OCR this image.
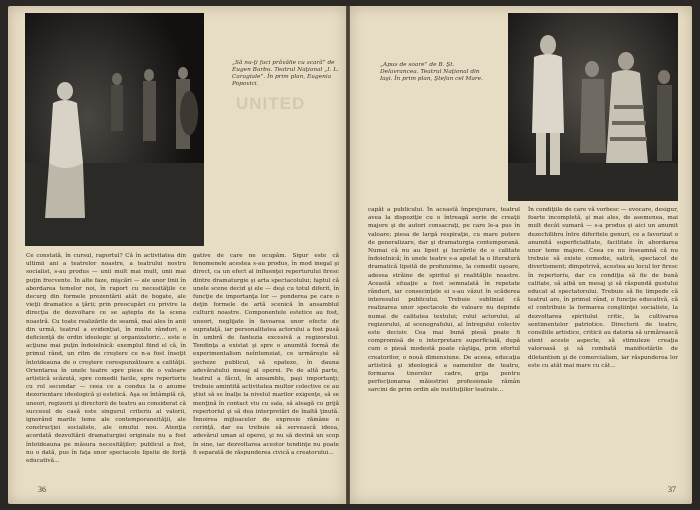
UNITED
„Să nu-ţi faci prăvălie cu scară” de Eugen Barbu. Teatrul Naţional „I. L. Caragiale”. În prim plan, Eugenia Popovici.
Ce constată, în cursul, raportul? Că în activitatea din ultimii ani a teatrelor noastre, a teatrului nostru socialist, s-au produs — unii mult mai mult, unii mai puţin frecvente. În alte faze, mişcări — ale unor linii în abordarea temelor noi, în raport cu necesităţile ce decurg din formele prezentării atât de bogate, ale vieţii dramatice a ţării; prin preocupări cu privire la direcţia de dezvoltare ce se aştepta de la scena noastră. Cu toate realizările de seamă, mai ales în anii din urmă, teatrul a evidenţiat, în multe rânduri, o deficienţă de ordin ideologic şi organizatoric... este o acţiune mai puţin îndoielnică: exemplul fiind el că, în primul rând, un ritm de creştere ce n-a fost însoţit întotdeauna de o creştere corespunzătoare a calităţii. Orientarea în unele teatre spre piese de o valoare artistică scăzută, spre comedii facile, spre repertoriu cu rol secundar — ceea ce a condus la o anume dezorientare ideologică şi estetică. Aşa se întâmplă că, uneori, regizorii şi directorii de teatru au considerat că succesul de casă este singurul criteriu al valorii, ignorând marile teme ale contemporaneităţii, ale construcţiei socialiste, ale omului nou. Atenţia acordată dezvoltării dramaturgiei originale nu a fost întotdeauna pe măsura necesităţilor; publicul a fost, nu o dată, pus în faţa unor spectacole lipsite de forţă educativă...
gative de care ne ocupăm. Sigur este că fenomenele acestea s-au produs, în mod inegal şi direct, ca un efect al influenţei reperturului firesc dintre dramaturgie şi arta spectacolului; faptul că unele scene decid şi ele — deşi cu totul diferit, în funcţie de importanţa lor — ponderea pe care o deţin formele de artă scenică în ansamblul culturii noastre. Componentele estetice au fost, uneori, neglijate în favoarea unor efecte de suprafaţă, iar personalitatea actorului a fost pusă în umbră de fantezia excesivă a regizorului. Tendinţa a existat şi spre o anumită formă de experimentalism neîntemeiat, ce urmăreşte să şocheze publicul, să epateze, în dauna adevăratului mesaj al operei. Pe de altă parte, teatrul a făcut, în ansamblu, paşi importanţi; trebuie amintită activitatea multor colective ce au ştiut să se înalţe la nivelul marilor exigenţe, să se menţină în contact viu cu sala, să aleagă cu grijă repertoriul şi să dea interpretări de înaltă ţinută. Înnoirea mijloacelor de expresie rămâne o cerinţă, dar ea trebuie să servească ideea, adevărul uman al operei, şi nu să devină un scop în sine, iar dezvoltarea acestor tendinţe nu poate fi separată de răspunderea civică a creatorului...
36
„Apus de soare” de B. Şt. Delavrancea. Teatrul Naţional din Iaşi. În prim plan, Ştefan cel Mare.
capăt a publicului. În această împrejurare, teatrul avea la dispoziţie cu o întreagă serie de creaţii majore şi de autori consacraţi, pe care le-a pus în valoare; piesa de largă respiraţie, cu mare putere de generalizare, dar şi dramaturgia contemporană. Numai că nu au lipsit şi lucrările de o calitate îndoielnică; în unele teatre s-a apelat la o literatură dramatică lipsită de profunzime, la comedii uşoare, adesea străine de spiritul şi realităţile noastre. Această situaţie a fost semnalată în repetate rânduri, iar consecinţele ei s-au văzut în scăderea interesului publicului. Trebuie subliniat că realizarea unor spectacole de valoare nu depinde numai de calitatea textului; rolul actorului, al regizorului, al scenografului, al întregului colectiv este decisiv. Cea mai bună piesă poate fi compromisă de o interpretare superficială, după cum o piesă modestă poate câştiga, prin efortul creatorilor, o nouă dimensiune. De aceea, educaţia artistică şi ideologică a oamenilor de teatru, formarea tinerelor cadre, grija pentru perfecţionarea măiestriei profesionale rămân sarcini de prim ordin ale instituţiilor teatrale...
În condiţiile de care vă vorbesc — evocare, desigur, foarte incompletă, şi mai ales, de asemenea, mai mult decât sumară — s-a produs şi aici un anumit dezechilibru între diferitele genuri, ce a favorizat o anumită superficialitate, facilitate în abordarea unor teme majore. Ceea ce nu înseamnă că nu trebuie să existe comedie, satiră, spectacol de divertisment; dimpotrivă, acestea au locul lor firesc în repertoriu, dar cu condiţia să fie de bună calitate, să aibă un mesaj şi să răspundă gustului educat al spectatorului. Trebuie să fie limpede că teatrul are, în primul rând, o funcţie educativă, că el contribuie la formarea conştiinţei socialiste, la dezvoltarea spiritului critic, la cultivarea sentimentelor patriotice. Directorii de teatre, consiliile artistice, criticii au datoria să urmărească atent aceste aspecte, să stimuleze creaţia valoroasă şi să combată manifestările de diletantism şi de comercialism, iar răspunderea lor este cu atât mai mare cu cât...
37
